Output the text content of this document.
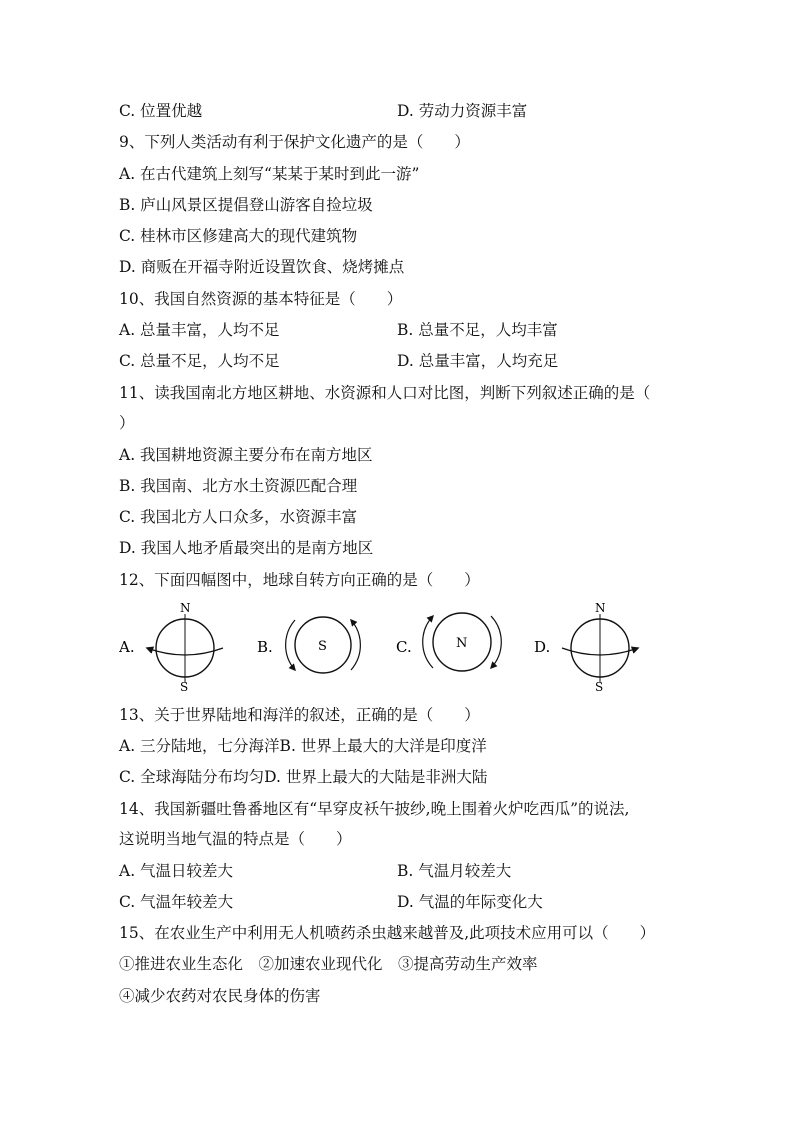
C. 位置优越	D. 劳动力资源丰富
9、下列人类活动有利于保护文化遗产的是（　　）
A. 在古代建筑上刻写“某某于某时到此一游”
B. 庐山风景区提倡登山游客自捡垃圾
C. 桂林市区修建高大的现代建筑物
D. 商贩在开福寺附近设置饮食、烧烤摊点
10、我国自然资源的基本特征是（　　）
A. 总量丰富，人均不足	B. 总量不足，人均丰富
C. 总量不足，人均不足	D. 总量丰富，人均充足
11、读我国南北方地区耕地、水资源和人口对比图，判断下列叙述正确的是（
）
A. 我国耕地资源主要分布在南方地区
B. 我国南、北方水土资源匹配合理
C. 我国北方人口众多，水资源丰富
D. 我国人地矛盾最突出的是南方地区
12、下面四幅图中，地球自转方向正确的是（　　）
A.
N
S
B.	S	C.	N	D.
N
S
13、关于世界陆地和海洋的叙述，正确的是（　　）
A. 三分陆地，七分海洋B. 世界上最大的大洋是印度洋
C. 全球海陆分布均匀D. 世界上最大的大陆是非洲大陆
14、我国新疆吐鲁番地区有“早穿皮袄午披纱,晚上围着火炉吃西瓜”的说法,
这说明当地气温的特点是（　　）
A. 气温日较差大	B. 气温月较差大
C. 气温年较差大	D. 气温的年际变化大
15、在农业生产中利用无人机喷药杀虫越来越普及,此项技术应用可以（　　）
①推进农业生态化　②加速农业现代化　③提高劳动生产效率
④减少农药对农民身体的伤害
